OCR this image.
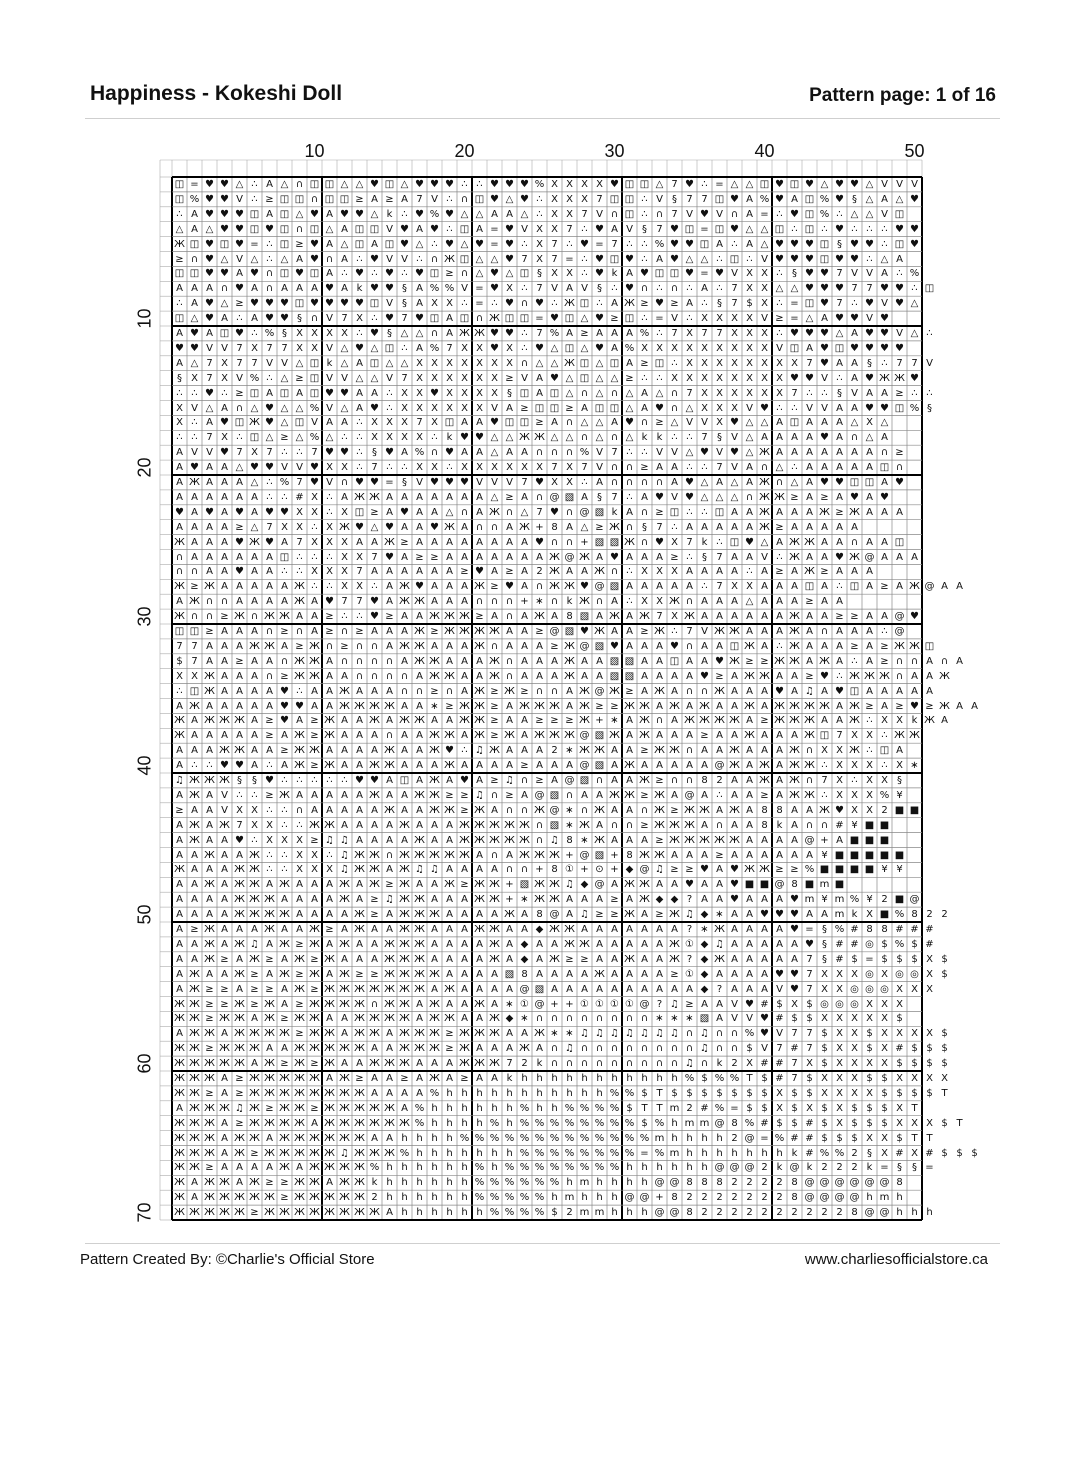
Happiness - Kokeshi Doll	Pattern page: 1 of 16
◫ = ♥ ♥ △ ∴ A △ ∩ ◫ ◫ △ △ ♥ ◫ △ ♥ ♥ ♥ ∴ ∴ ♥ ♥ ♥ % X X X X ♥ ◫ ◫ △ 7 ♥ ∴ = △ △ ◫ ♥ ◫ ♥ △ ♥ ♥ △ V V V
◫ % ♥ ♥ V ∴ ≥ ◫ ◫ ∩ ◫ ◫ ≥ A ≥ A 7 V ∴ ∩ ◫ ♥ △ ♥ ∴ X X X 7 ◫ ◫ ∴ V § 7 7 ◫ ♥ A % ♥ A ◫ % ♥ § △ A △ ♥
∴ A ♥ ♥ ♥ ◫ A ◫ △ ♥ A ♥ ♥ △ k ∴ ♥ % ♥ △ △ A A △ ∴ X X 7 V ∩ ◫ ∴ ∩ 7 V ♥ V ∩ A = ∴ ♥ ◫ % ∴ △ △ V ◫
△ A △ ♥ ♥ ◫ ♥ ◫ ∩ ◫ △ A ◫ ◫ V ♥ A ♥ ∴ ◫ A = ♥ V X X 7 ∴ ♥ A V § 7 ♥ ◫ = ◫ ♥ △ △ ◫ ∴ ◫ ∴ ♥ ∴ ∴ ∴ ♥ ♥
Ж ◫ ♥ ◫ ♥ = ∴ ◫ ≥ ♥ A △ ◫ A ◫ ♥ △ ∴ ♥ △ ♥ = ♥ ∴ X 7 ∴ ♥ = 7 ∴ ∴ % ♥ ♥ ◫ A ∴ A △ ♥ ♥ ♥ ◫ § ♥ ♥ ∴ ◫ ♥
≥ ∩ ♥ △ V △ ∴ △ A ♥ ∩ A ∴ ♥ V V ∴ ∩ Ж ◫ △ △ ♥ 7 X 7 = ∴ ♥ ◫ ♥ ∴ A ♥ △ △ ∴ ◫ ∴ V ♥ ♥ ♥ ◫ ♥ ♥ ∴ △ A
◫ ◫ ♥ ♥ A ♥ ∩ ◫ ♥ ◫ A ∴ ♥ ∴ ♥ ∴ ♥ ◫ ≥ ∩ △ ♥ △ ◫ § X X ∴ ♥ k A ♥ ◫ ◫ ♥ = ♥ V X X ∴ § ♥ ♥ 7 V V A ∴ %
A A A ∩ ♥ A ∩ A A A ♥ A k ♥ ♥ § A % % V = ♥ X ∴ 7 V A V § ∴ ♥ ∩ ∴ ∩ ∴ A ∴ 7 X X △ △ ♥ ♥ ♥ 7 7 ♥ ♥ ∴ ◫
∴ A ♥ △ ≥ ♥ ♥ ♥ ◫ ♥ ♥ ♥ ♥ ◫ V § A X X ∴ = ∴ ♥ ∩ ♥ ∴ Ж ◫ ∴ A Ж ≥ ♥ ≥ A ∴ § 7 $ X ∴ = ◫ ♥ 7 ∴ ♥ V ♥ △
◫ △ ♥ A ∴ A ♥ ♥ § ∩ V 7 X ∴ ♥ 7 ♥ ◫ A ◫ ∩ Ж ◫ ◫ = ♥ ◫ △ ♥ ≥ ◫ ∴ = V ∴ X X X X V ≥ = △ A ♥ ♥ V ♥
A ♥ A ◫ ♥ ∴ % § X X X X ∴ ♥ § △ △ ∩ A Ж Ж ♥ ♥ ∴ 7 % A ≥ A A A % ∴ 7 X 7 7 X X X ∴ ♥ ♥ ♥ △ A ♥ ♥ V △ ∴
♥ ♥ V V 7 X 7 7 X X V △ ♥ △ ◫ ∴ A % 7 X X ♥ X ∴ ♥ △ ◫ △ ♥ A % X X X X X X X X X V ◫ A ♥ ◫ ♥ ♥ ♥ ♥
A △ 7 X 7 7 V V △ ◫ k △ A ◫ △ △ X X X X X X X ∩ △ △ Ж ◫ △ ◫ A ≥ ◫ ∴ X X X X X X X X 7 ♥ A A § ∴ 7 7 V
§ X 7 X V % ∴ △ ≥ ◫ V V △ △ V 7 X X X X X X ≥ V A ♥ △ ◫ △ △ ≥ ∴ ∴ X X X X X X X X ♥ ♥ V ∴ A ♥ Ж Ж ♥
∴ ∴ ♥ ∴ ≥ ◫ A ◫ A ◫ ♥ ♥ A A ∴ X X ♥ X X X X § ◫ A ◫ △ ∩ △ ∩ △ A △ ∩ 7 X X X X X X 7 ∴ ∴ § V A A ≥ ∴ ∴
X V △ A ∩ △ ♥ △ △ % V △ A ♥ ∴ X X X X X X V A ≥ ◫ ◫ ≥ A ◫ ◫ △ A ♥ ∩ △ X X X V ♥ ∴ ∴ V V A A ♥ ♥ ◫ % §
X ∴ A ♥ ◫ Ж ♥ △ ◫ V A A ∴ X X X 7 X ◫ A A ♥ ◫ ◫ ≥ A ∩ △ △ A ♥ ∩ ≥ △ V V X ♥ △ △ A ◫ A A A △ X △
∴ ∴ 7 X ∴ ◫ △ ≥ △ % △ ∴ ∴ X X X X ∴ k ♥ ♥ △ △ Ж Ж △ △ ∩ △ ∩ △ k k ∴ ∴ 7 § V △ A A A A ♥ A ∩ △ A
A V V ♥ 7 X 7 ∴ ∴ 7 ♥ ♥ ∴ § ♥ A % ∩ ♥ A A △ A A ∩ ∩ ∩ % V 7 ∴ ∴ V V △ ♥ V ♥ △ Ж A A A A A A A ∩ ≥
A ♥ A A △ ♥ ♥ V V ♥ X X ∴ 7 ∴ ∴ X X ∴ X X X X X X 7 X 7 V ∩ ∩ ≥ A A ∴ ∴ 7 V A ∩ △ ∴ A A A A A ◫ ∩
A Ж A A A △ ∴ % 7 ♥ V ∩ ♥ ♥ = § V ♥ ♥ ♥ V V V 7 ♥ X X ∴ A ∩ ∩ ∩ ∩ A ♥ △ A △ A Ж ∩ △ A ♥ ♥ ◫ ◫ A ♥
A A A A A A ∴ ∴ # X ∴ A Ж Ж A A A A A A A △ ≥ A ∩ @ ▧ A § 7 ∴ A ♥ V ♥ △ △ △ ∩ Ж Ж ≥ A ≥ A ♥ A ♥
♥ A ♥ A ♥ A ♥ ♥ X X ∴ X ◫ ≥ A ♥ A A △ ∩ A Ж ∩ △ 7 ♥ ∩ @ ▧ k A ∩ ≥ ◫ ∴ ∴ ◫ A A Ж A A A Ж ≥ Ж A A A
A A A A ≥ △ 7 X X ∴ X Ж ♥ △ ♥ A A ♥ Ж A ∩ ∩ A Ж + 8 A △ ≥ Ж ∩ § 7 ∴ A A A A A Ж ≥ A A A A A
Ж A A A ♥ Ж ♥ A 7 X X X A A Ж ≥ A A A A A A A A ♥ ∩ ∩ + ▧ ▧ Ж ∩ ♥ X 7 k ∴ ◫ ♥ △ A Ж Ж A A ∩ A A ◫
∩ A A A A A A ◫ ∴ ∴ ∴ X X 7 ♥ A ≥ ≥ A A A A A A A Ж @ Ж A ♥ A A A ≥ ∴ § 7 A A V ∴ Ж A A ♥ Ж @ A A A
∩ ∩ A A ♥ A A ∴ ∴ X X X 7 A A A A A A ≥ ♥ A ≥ A 2 Ж A A Ж ∩ ∴ X X X A A A A ∴ A ≥ A Ж ≥ A A A
Ж ≥ Ж A A A A A Ж ∴ ∴ X X ∴ A Ж ♥ A A A Ж ≥ ♥ A ∩ Ж Ж ♥ @ ▧ A A A A A ∴ 7 X X A A A ◫ A ∴ ◫ A ≥ A Ж @ A A
A Ж ∩ ∩ A A A A Ж A ♥ 7 7 ♥ A Ж Ж A A A ∩ ∩ ∩ + ∗ ∩ k Ж ∩ A ∴ X X Ж ∩ A A A △ A A A ≥ A A
Ж ∩ ∩ ≥ Ж ∩ Ж Ж A A ≥ ∴ ∴ ♥ ≥ A A Ж Ж Ж ≥ A ∩ A Ж A 8 ▧ A Ж A Ж 7 X Ж A A A A A A Ж A A ≥ ≥ A A @ ♥
◫ ◫ ≥ A A A ∩ ≥ ∩ A ≥ ∩ ≥ A A A Ж ≥ Ж Ж Ж Ж A A ≥ @ ▧ ♥ Ж A A ≥ Ж ∴ 7 V Ж Ж A A A Ж A ∩ A A A ∴ @
7 7 A A A Ж Ж A ≥ Ж ∩ ≥ ∩ ∩ A Ж Ж A A A Ж ∩ A A A ≥ Ж @ ▧ ♥ A A A ♥ ∩ A A ◫ Ж A ∴ Ж A A A ≥ A ≥ Ж Ж ◫
$ 7 A A ≥ A A ∩ Ж Ж A ∩ ∩ ∩ ∩ A Ж Ж A A A Ж ∩ A A A Ж A A ▧ ▧ A A ◫ A A ♥ Ж ≥ ≥ Ж Ж A Ж A ∴ A ≥ ∩ ∩ A ∩ A
X X Ж A A A ∩ ≥ Ж Ж A A ∩ ∩ ∩ ∩ A Ж Ж A A Ж ∩ A A A Ж A A ▧ ▧ A A A A ♥ ≥ A Ж Ж A A ≥ ♥ ∴ Ж Ж Ж ∩ A A Ж
∴ ◫ Ж A A A A ♥ ∴ A A Ж A A A ∩ ∩ ≥ ∩ A Ж ≥ Ж ≥ ∩ ∩ A Ж @ Ж ≥ A Ж A ∩ ∩ Ж A A A ♥ A ♫ A ♥ ◫ A A A A A
A Ж A A A A A ♥ ♥ A A Ж Ж Ж Ж A A ∗ ≥ Ж Ж ≥ A Ж Ж Ж A Ж ≥ ≥ Ж Ж A Ж A Ж A A Ж A Ж Ж Ж Ж A Ж ≥ A ≥ ♥ ≥ Ж A A
Ж A Ж Ж Ж A ≥ ♥ A ≥ Ж A A Ж A Ж Ж A A Ж Ж ≥ A A ≥ ≥ ≥ Ж + ∗ A Ж ∩ A Ж Ж Ж Ж A ≥ Ж Ж Ж A A Ж ∴ X X k Ж A
Ж A A A A A ≥ A Ж ≥ Ж A A A ∩ A A Ж Ж A Ж ≥ Ж A Ж Ж Ж @ ▧ Ж A Ж A A A ≥ A A Ж A A A Ж ◫ 7 X X ∴ Ж Ж
A A A Ж Ж A A ≥ Ж Ж A A A A Ж A A Ж ♥ ∴ ♫ Ж A A A 2 ∗ Ж Ж A A ≥ Ж Ж ∩ A A Ж A A A Ж ∩ X X Ж ∴ ◫ A
A ∴ ∴ ♥ ♥ A ∴ A Ж ≥ Ж A A Ж Ж A A A Ж A A A A ≥ A A A @ ▧ A Ж A A A A A @ Ж A Ж A Ж Ж ∴ X X X ∴ X ∗
♫ Ж Ж Ж §	§ ♥ ∴ ∴ ∴ ∴ ∴ ♥ ♥ A ◫ A Ж A ♥ A ≥ ♫ ∩ ≥ A @ ▧ ∩ A A Ж ≥ ∩ ∩ 8 2 A A Ж A Ж ∩ 7 X ∴ X X §
A Ж A V ∴ ∴ ≥ Ж A A A A A Ж A A Ж Ж ≥ ≥ ♫ ∩ ≥ A @ ▧ ∩ A A Ж Ж ≥ Ж A @ A ∴ A A ≥ A Ж Ж ∴ X X X % ¥
≥ A A V X X ∴ ∴ ∩ A A A A A Ж A A Ж Ж ≥ Ж A ∩ ∩ Ж @ ∗ ∩ Ж A A ∩ Ж ≥ Ж Ж A Ж A 8 8 A A Ж ♥ X X 2 ■ ■
A Ж A Ж 7 X X ∴ ∴ Ж Ж A A A A Ж A A A Ж Ж Ж Ж Ж ∩ ▧ ∗ Ж A ∩ ∩ ≥ Ж Ж Ж A ∩ A A 8 k A ∩ ∩ # ¥ ■ ■
A Ж A A ♥ ∴ X X X ≥ ♫ ♫ A A A A Ж A A Ж Ж Ж Ж Ж ∩ ♫ 8 ∗ Ж A A A ≥ Ж Ж Ж Ж Ж A A A A @ + A ■ ■ ■
A A Ж A A Ж ∴ ∴ X X ∴ ♫ Ж Ж ∩ Ж Ж Ж Ж Ж A ∩ A Ж Ж Ж + @ ▧ + 8 Ж Ж A A A ≥ A A A A A A ¥ ■ ■ ■ ■ ■
Ж A A A Ж Ж ∴ ∴ X X X ♫ Ж Ж A Ж ♫ ♫ A A A A ∩ ∩ + 8 ① + ⊙ + ◆ @ ♫ ≥ ≥ ♥ A ♥ Ж Ж ≥ ≥ % ■ ■ ■ ■ ¥ ¥
A A Ж A Ж Ж A Ж A A A Ж A Ж ≥ Ж A A Ж ≥ Ж Ж + ▧ Ж Ж ♫ ◆ @ A Ж Ж A A ♥ A A ♥ ■ ■ @ 8 ■ m ■
A A A A Ж Ж Ж A A A A Ж A ≥ ♫ Ж Ж A A A Ж Ж + ∗ Ж Ж A A A ≥ A Ж ◆ ◆ ? A A ♥ A A A ♥ m ¥ m % ¥ 2 ■ @
A A A A Ж Ж Ж Ж A A A A Ж ≥ A Ж Ж Ж A A A A Ж A 8 @ A ♫ ≥ ≥ Ж A ≥ Ж ♫ ◆ ∗ A A ♥ ♥ ♥ A A m k X ■ % 8 2 2
A ≥ Ж A A A Ж A A Ж ≥ A Ж A A Ж Ж A A A Ж Ж A A ◆ Ж Ж A A A A A A A ? ∗ Ж A A A A ♥ = § % # 8 8 # # #
A A Ж A Ж ♫ A Ж ≥ Ж A Ж A A Ж Ж Ж A A A A Ж A ◆ A A Ж Ж A A A A A Ж ① ◆ ♫ A A A A A ♥ § # # ◎ $ % $ #
A A Ж ≥ A Ж ≥ A Ж ≥ Ж A A A Ж Ж Ж A A A A Ж A ◆ A Ж ≥ ≥ A A Ж A A Ж ? ◆ Ж A A A A A 7 § # $ = $ $ $ X $
A Ж A A Ж ≥ A Ж ≥ Ж A Ж ≥ ≥ Ж Ж Ж Ж A A A A ▧ 8 A A A A Ж A A A A ≥ ① ◆ A A A A ♥ ♥ 7 X X X ◎ X ◎ ◎ X $
A Ж ≥ ≥ A ≥ ≥ A Ж ≥ Ж Ж Ж Ж Ж Ж Ж A Ж A A A A @ ▧ A A A A A A A A A A ◆ ? A A A V ♥ 7 X X ◎ ◎ ◎ X X X
Ж Ж ≥ ≥ Ж ≥ Ж A ≥ Ж Ж Ж Ж ∩ Ж Ж A Ж A A Ж A ∗ ① @ + + ① ① ① ① @ ? ♫ ≥ A A V ♥ # $ X $ ◎ ◎ ◎ X X X
Ж Ж ≥ Ж Ж A Ж ≥ Ж Ж A A Ж Ж Ж Ж A Ж Ж A A Ж ◆ ∗ ∩ ∩ ∩ ∩ ∩ ∩ ∩ ∩ ∗ ∗ ∗ ▧ A V V ♥ # $ $ X X X X X $
A Ж Ж A Ж Ж Ж Ж ≥ Ж Ж A Ж Ж A Ж Ж Ж ≥ Ж Ж Ж A A Ж ∗ ∗ ♫ ♫ ♫ ♫ ♫ ♫ ♫ ∩ ♫ ∩ ∩ % ♥ V 7 7 $ X X $ X X X X $
Ж Ж ≥ Ж Ж Ж A A Ж Ж Ж Ж Ж A A Ж Ж Ж ≥ Ж A A A Ж A ∩ ♫ ∩ ∩ ∩ ∩ ∩ ∩ ∩ ∩ ♫ ∩ ∩ $ V 7 # 7 $ X X $ X # $ $ $
Ж Ж Ж Ж Ж A Ж ≥ Ж ≥ Ж A A Ж Ж Ж A A A Ж Ж Ж 7 2 k ∩ ∩ ∩ ∩ ∩ ∩ ∩ ∩ ∩ ♫ ∩ k 2 X # # 7 X $ X X X X $ $ $ $
Ж Ж Ж A ≥ Ж Ж Ж Ж Ж A Ж ≥ A A ≥ A Ж A ≥ A A k h h h h h h h h h h h % $ % % T $ # 7 $ X X X $ $ X X X X
Ж Ж ≥ A ≥ Ж Ж Ж Ж Ж Ж Ж Ж A A A A % h h h h h h h h h h h % % $ T $ $ $ $ $ $ $ X $ $ X X X X $ $ $ $ T
A Ж Ж Ж ♫ Ж ≥ Ж Ж ≥ Ж Ж Ж Ж Ж A % h h h h h h % h h % % % % $ T T m 2 # % = $ $ X $ X $ X $ $ $ X T
Ж Ж Ж A ≥ Ж Ж Ж Ж A Ж Ж Ж Ж Ж Ж % h h h h % h % % % % % % % % $ % h m m @ 8 % # $ $ # $ X $ $ $ X X X $ T
Ж Ж Ж A Ж Ж A Ж Ж Ж Ж Ж Ж A A h h h h % % % % % % % % % % % % % m h h h h 2 @ = % # # $ $ $ X X $ T T
Ж Ж Ж A Ж ≥ Ж Ж Ж Ж Ж ♫ Ж Ж Ж % h h h h h h h % % % % % % % % = % m h h h h h h h k # % % 2 § X # X # $ $ $
Ж Ж ≥ A A A A Ж A Ж Ж Ж Ж % h h h h h h % h % % % % % % % % h h h h h h @ @ @ 2 k @ k 2 2 2 k = §	§ =
Ж A Ж Ж A Ж ≥ ≥ Ж Ж A Ж Ж k h h h h h h % % % % % % h m h h h h @ @ 8 8 8 2 2 2 2 8 @ @ @ @ @ @ 8
Ж A Ж Ж Ж Ж Ж ≥ Ж Ж Ж Ж Ж 2 h h h h h h % % % % % h m h h h @ @ + 8 2 2 2 2 2 2 2 8 @ @ @ @ h m h
Ж Ж Ж Ж Ж ≥ Ж Ж Ж Ж Ж Ж Ж Ж A h h h h h h % % % % $ 2 m m h h h @ @ 8 2 2 2 2 2 2 2 2 2 2 8 @ @ h h h
10	20	30	40	50
10
20
30
40
50
60
70
Pattern Created By: ©Charlie's Official Store	www.charliesofficialstore.ca
